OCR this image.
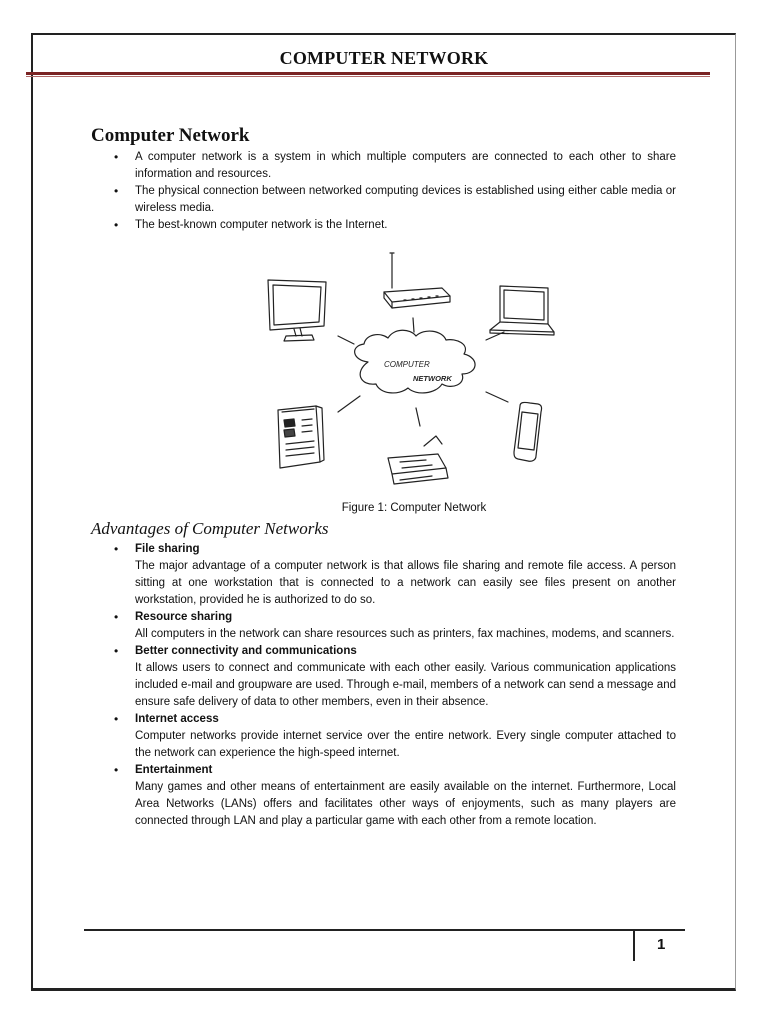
COMPUTER NETWORK
Computer Network
• A computer network is a system in which multiple computers are connected to each other to share information and resources.
• The physical connection between networked computing devices is established using either cable media or wireless media.
• The best-known computer network is the Internet.
COMPUTER
NETWORK
Figure 1: Computer Network
Advantages of Computer Networks
• File sharing
The major advantage of a computer network is that allows file sharing and remote file access. A person sitting at one workstation that is connected to a network can easily see files present on another workstation, provided he is authorized to do so.
• Resource sharing
All computers in the network can share resources such as printers, fax machines, modems, and scanners.
• Better connectivity and communications
It allows users to connect and communicate with each other easily. Various communication applications included e-mail and groupware are used. Through e-mail, members of a network can send a message and ensure safe delivery of data to other members, even in their absence.
• Internet access
Computer networks provide internet service over the entire network. Every single computer attached to the network can experience the high-speed internet.
• Entertainment
Many games and other means of entertainment are easily available on the internet. Furthermore, Local Area Networks (LANs) offers and facilitates other ways of enjoyments, such as many players are connected through LAN and play a particular game with each other from a remote location.
1
